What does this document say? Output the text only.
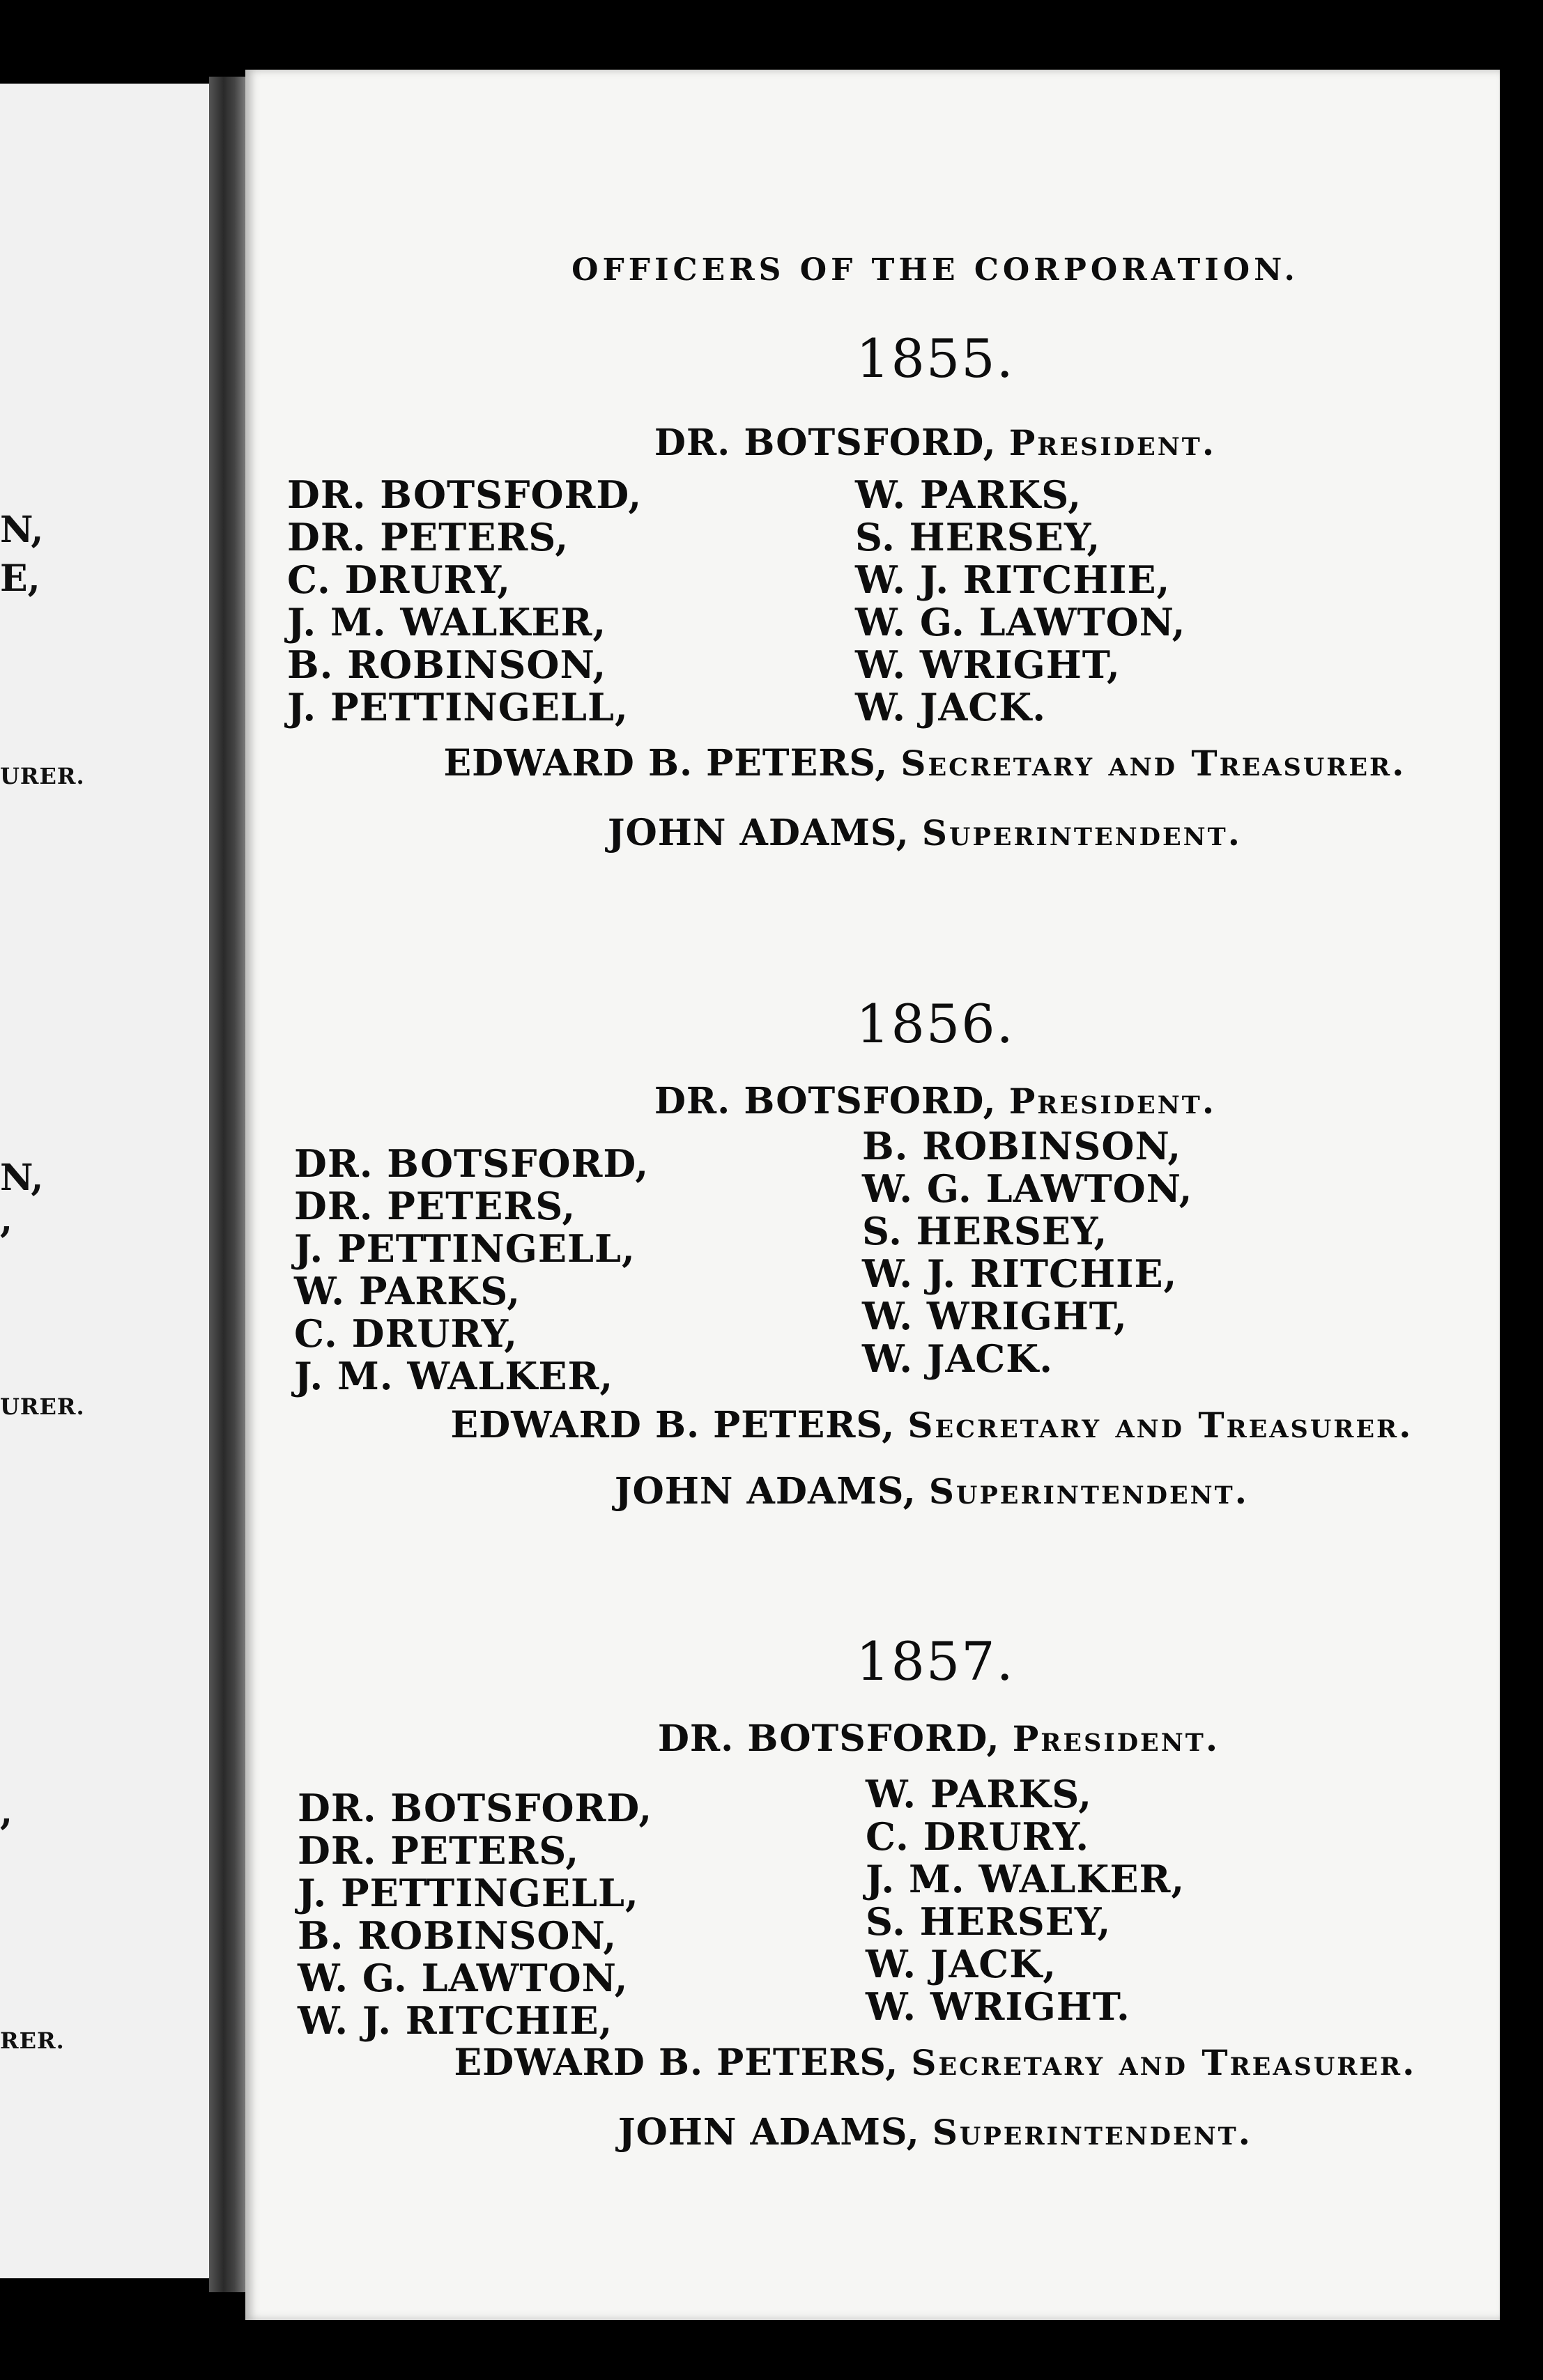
N,
E,
URER.
N,
,
URER.
,
RER.
OFFICERS OF THE CORPORATION.
1855.
DR. BOTSFORD, President.
DR. BOTSFORD,
DR. PETERS,
C. DRURY,
J. M. WALKER,
B. ROBINSON,
J. PETTINGELL,
W. PARKS,
S. HERSEY,
W. J. RITCHIE,
W. G. LAWTON,
W. WRIGHT,
W. JACK.
EDWARD B. PETERS, Secretary and Treasurer.
JOHN ADAMS, Superintendent.
1856.
DR. BOTSFORD, President.
DR. BOTSFORD,
DR. PETERS,
J. PETTINGELL,
W. PARKS,
C. DRURY,
J. M. WALKER,
B. ROBINSON,
W. G. LAWTON,
S. HERSEY,
W. J. RITCHIE,
W. WRIGHT,
W. JACK.
EDWARD B. PETERS, Secretary and Treasurer.
JOHN ADAMS, Superintendent.
1857.
DR. BOTSFORD, President.
DR. BOTSFORD,
DR. PETERS,
J. PETTINGELL,
B. ROBINSON,
W. G. LAWTON,
W. J. RITCHIE,
W. PARKS,
C. DRURY.
J. M. WALKER,
S. HERSEY,
W. JACK,
W. WRIGHT.
EDWARD B. PETERS, Secretary and Treasurer.
JOHN ADAMS, Superintendent.
